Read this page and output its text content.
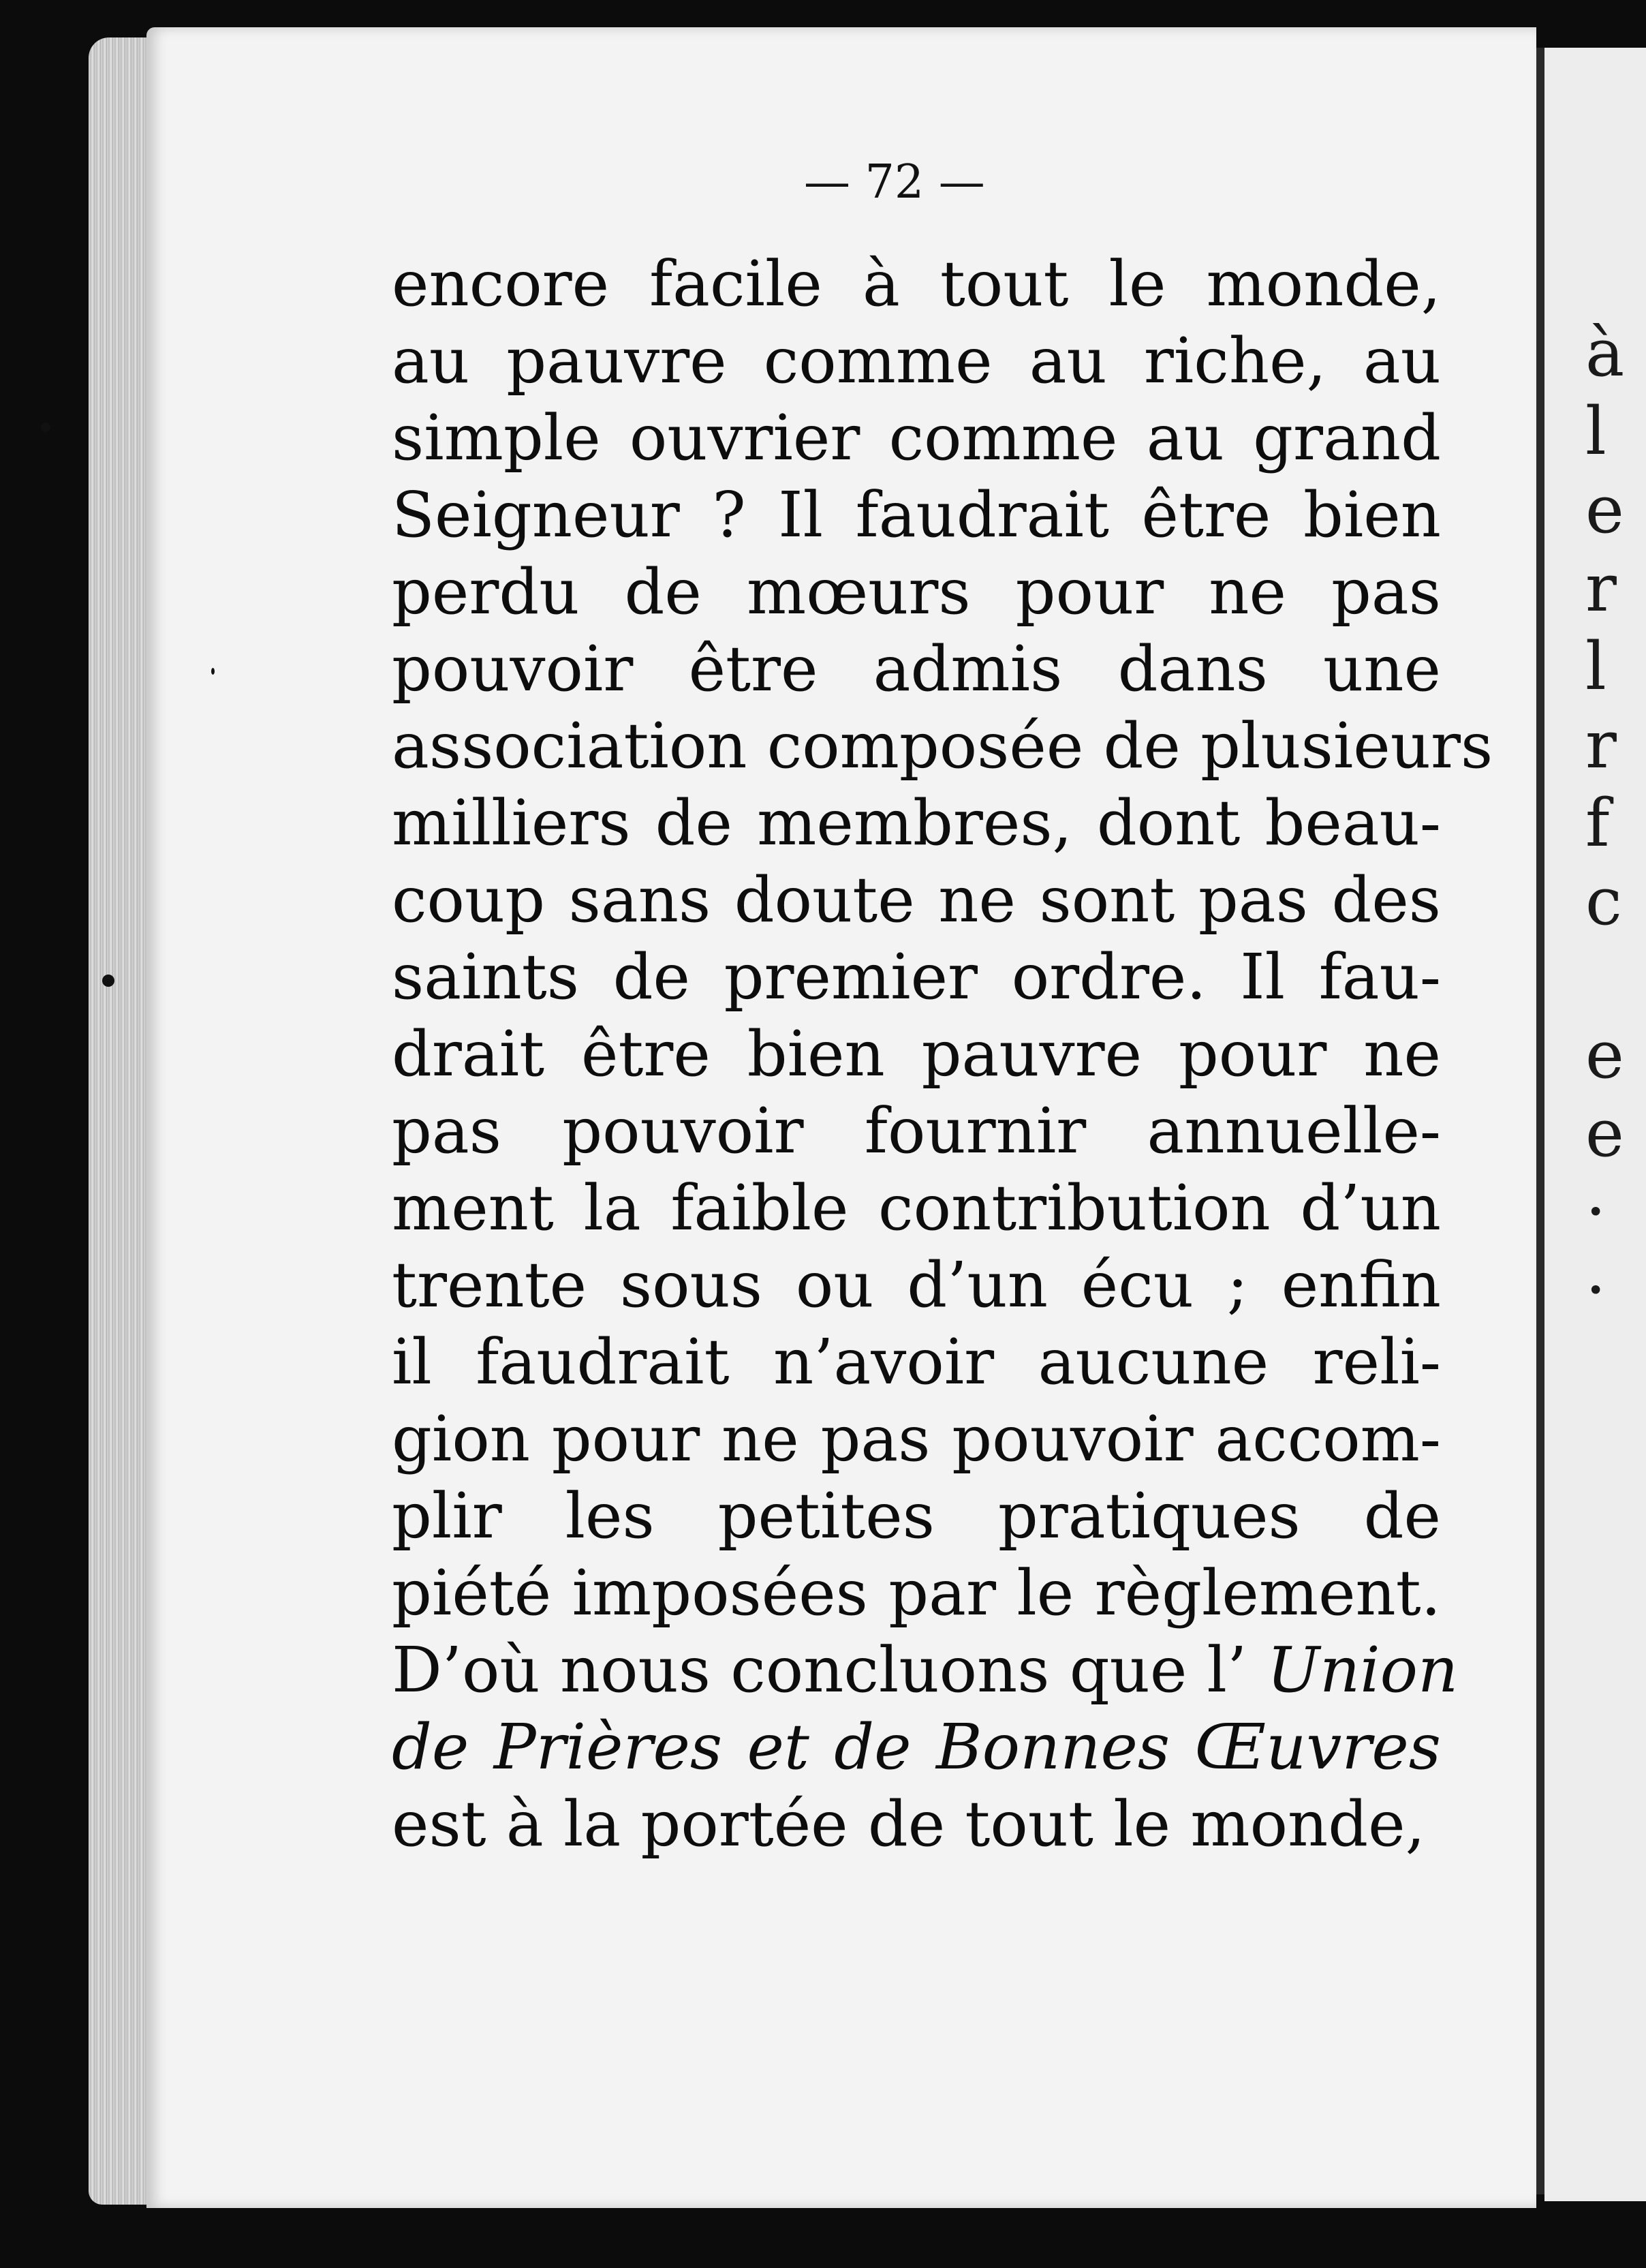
— 72 —
encore facile à tout le monde,
au pauvre comme au riche, au
simple ouvrier comme au grand
Seigneur ? Il faudrait être bien
perdu de mœurs pour ne pas
pouvoir être admis dans une
association composée de plusieurs
milliers de membres, dont beau-
coup sans doute ne sont pas des
saints de premier ordre. Il fau-
drait être bien pauvre pour ne
pas pouvoir fournir annuelle-
ment la faible contribution d’un
trente sous ou d’un écu ; enfin
il faudrait n’avoir aucune reli-
gion pour ne pas pouvoir accom-
plir les petites pratiques de
piété imposées par le règlement.
D’où nous concluons que l’ Union
de Prières et de Bonnes Œuvres
est à la portée de tout le monde,
à
l
e
r
l
r
f
c
e
e
·
·
